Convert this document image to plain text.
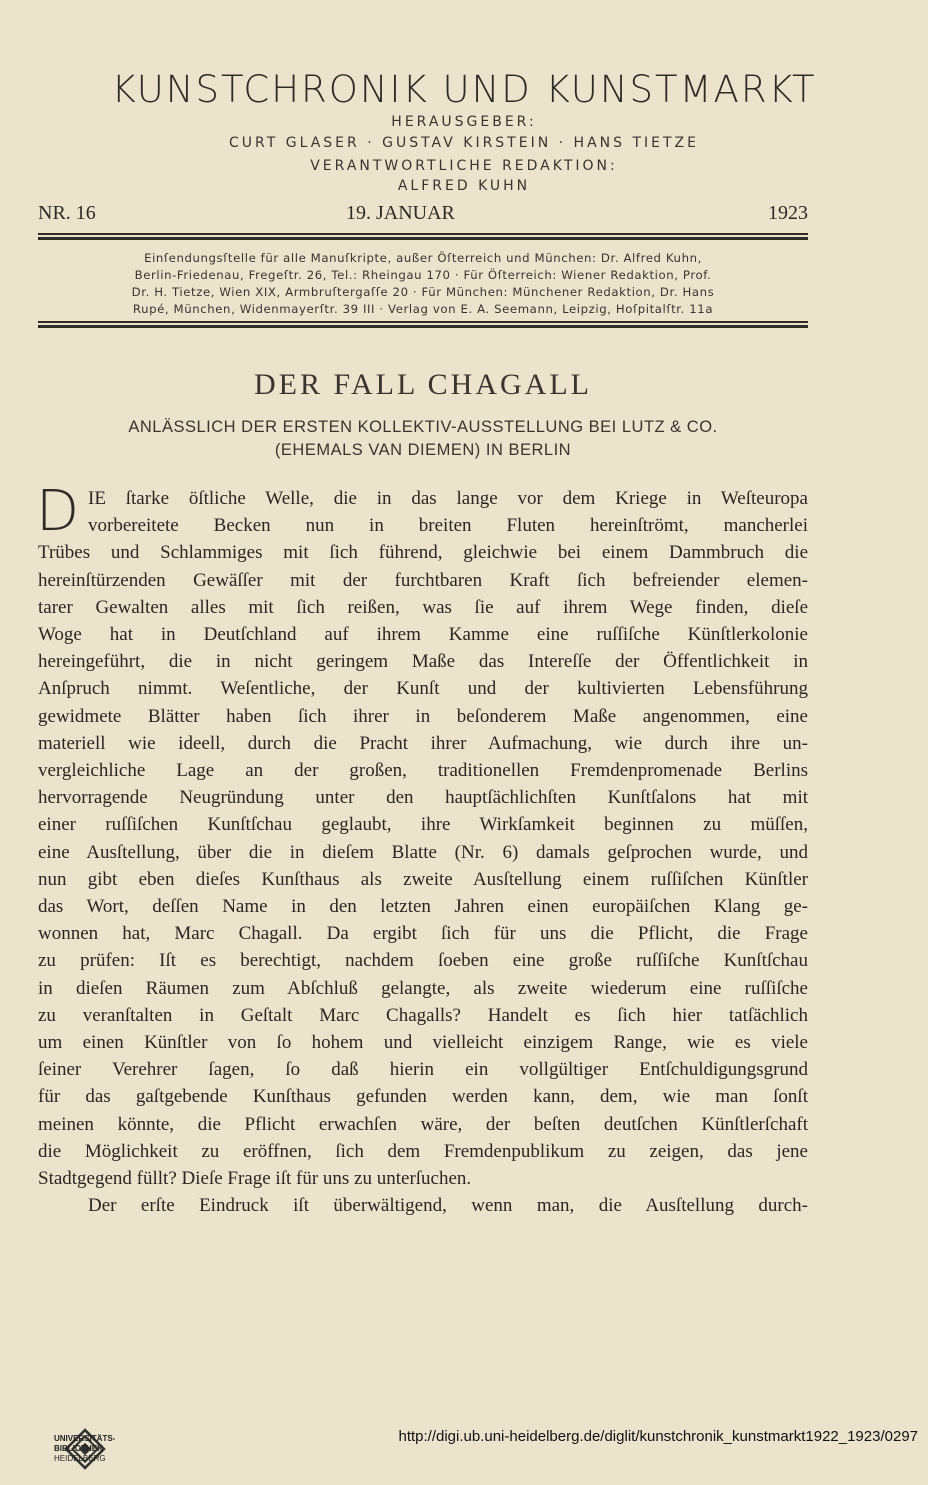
KUNSTCHRONIK UND KUNSTMARKT
HERAUSGEBER:
CURT GLASER · GUSTAV KIRSTEIN · HANS TIETZE
VERANTWORTLICHE REDAKTION:
ALFRED KUHN
NR. 16	19. JANUAR	1923
Einſendungsſtelle für alle Manuſkripte, außer Öſterreich und München: Dr. Alfred Kuhn,
Berlin-Friedenau, Fregeſtr. 26, Tel.: Rheingau 170 · Für Öſterreich: Wiener Redaktion, Prof.
Dr. H. Tietze, Wien XIX, Armbruſtergaſſe 20 · Für München: Münchener Redaktion, Dr. Hans
Rupé, München, Widenmayerſtr. 39 III · Verlag von E. A. Seemann, Leipzig, Hoſpitalſtr. 11a
DER FALL CHAGALL
ANLÄSSLICH DER ERSTEN KOLLEKTIV-AUSSTELLUNG BEI LUTZ & CO.
(EHEMALS VAN DIEMEN) IN BERLIN
D IE ſtarke öſtliche Welle, die in das lange vor dem Kriege in Weſteuropa
vorbereitete Becken nun in breiten Fluten hereinſtrömt, mancherlei
Trübes und Schlammiges mit ſich führend, gleichwie bei einem Dammbruch die
hereinſtürzenden Gewäſſer mit der furchtbaren Kraft ſich befreiender elemen-
tarer Gewalten alles mit ſich reißen, was ſie auf ihrem Wege finden, dieſe
Woge hat in Deutſchland auf ihrem Kamme eine ruſſiſche Künſtlerkolonie
hereingeführt, die in nicht geringem Maße das Intereſſe der Öffentlichkeit in
Anſpruch nimmt. Weſentliche, der Kunſt und der kultivierten Lebensführung
gewidmete Blätter haben ſich ihrer in beſonderem Maße angenommen, eine
materiell wie ideell, durch die Pracht ihrer Aufmachung, wie durch ihre un-
vergleichliche Lage an der großen, traditionellen Fremdenpromenade Berlins
hervorragende Neugründung unter den hauptſächlichſten Kunſtſalons hat mit
einer ruſſiſchen Kunſtſchau geglaubt, ihre Wirkſamkeit beginnen zu müſſen,
eine Ausſtellung, über die in dieſem Blatte (Nr. 6) damals geſprochen wurde, und
nun gibt eben dieſes Kunſthaus als zweite Ausſtellung einem ruſſiſchen Künſtler
das Wort, deſſen Name in den letzten Jahren einen europäiſchen Klang ge-
wonnen hat, Marc Chagall. Da ergibt ſich für uns die Pflicht, die Frage
zu prüfen: Iſt es berechtigt, nachdem ſoeben eine große ruſſiſche Kunſtſchau
in dieſen Räumen zum Abſchluß gelangte, als zweite wiederum eine ruſſiſche
zu veranſtalten in Geſtalt Marc Chagalls? Handelt es ſich hier tatſächlich
um einen Künſtler von ſo hohem und vielleicht einzigem Range, wie es viele
ſeiner Verehrer ſagen, ſo daß hierin ein vollgültiger Entſchuldigungsgrund
für das gaſtgebende Kunſthaus gefunden werden kann, dem, wie man ſonſt
meinen könnte, die Pflicht erwachſen wäre, der beſten deutſchen Künſtlerſchaft
die Möglichkeit zu eröffnen, ſich dem Fremdenpublikum zu zeigen, das jene
Stadtgegend füllt? Dieſe Frage iſt für uns zu unterſuchen.
Der erſte Eindruck iſt überwältigend, wenn man, die Ausſtellung durch-
UNIVERSITÄTS-
BIBLIOTHEK
HEIDELBERG
http://digi.ub.uni-heidelberg.de/diglit/kunstchronik_kunstmarkt1922_1923/0297
